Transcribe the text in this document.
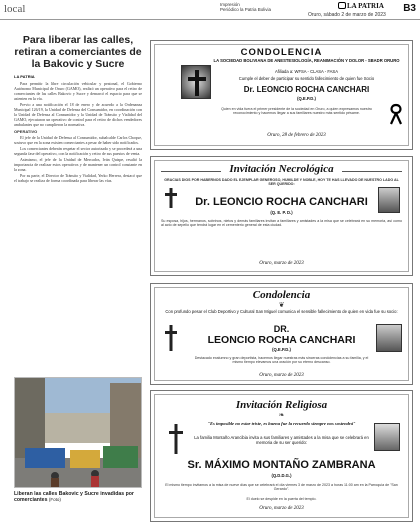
local	Impresión
Periódico la Patria Bolivia	LA PATRIA
Oruro, sábado 2 de marzo de 2023
B3
Para liberar las calles, retiran a comerciantes de la Bakovic y Sucre
LA PATRIA

Para permitir la libre circulación vehicular y peatonal, el Gobierno Autónomo Municipal de Oruro (GAMO), realizó un operativo para el retiro de comerciantes de las calles Bakovic y Sucre y demarcó el espacio para que se asienten en la vía.

Previo a una notificación el 18 de enero y de acuerdo a la Ordenanza Municipal 126/19, la Unidad de Defensa del Consumidor, en coordinación con la Unidad de Defensa al Consumidor y la Unidad de Tránsito y Vialidad del GAMO, ejecutaron un operativo de control para el retiro de dichos vendedores ambulantes que no cumplieron la normativa.

OPERATIVO

El jefe de la Unidad de Defensa al Consumidor, subalcalde Carlos Choque, sostuvo que en la zona existen comerciantes a pesar de haber sido notificados.

Los comerciantes deberán respetar el sector autorizado y se procederá a una segunda fase del operativo, con la notificación y retiro de sus puestos de venta.

Asimismo, el jefe de la Unidad de Mercados, Iván Quispe, resaltó la importancia de realizar estos operativos y de mantener un control constante en la zona.

Por su parte, el Director de Tránsito y Vialidad, Yerko Herrera, destacó que el trabajo se realiza de forma coordinada para liberar las vías.

Liberan las calles Bakovic y Sucre invadidas por comerciantes (Foto)
CONDOLENCIA
LA SOCIEDAD BOLIVIANA DE ANESTESIOLOGÍA, REANIMACIÓN Y DOLOR - SBADR ORURO
Afiliada a: WFSA - CLASA - FASA
Cumple el deber de participar su sentido fallecimiento de quien fue Socio
Dr. LEONCIO ROCHA CANCHARI
(Q.E.P.D.)
Quien en vida fuera el primer presidente de la sociedad en Oruro, a quien expresamos nuestro reconocimiento y hacemos llegar a sus familiares nuestro más sentido pésame.
Oruro, 28 de febrero de 2023
Invitación Necrológica
GRACIAS DIOS POR HABERNOS DADO EL EJEMPLAR GENEROSO, HUMILDE Y NOBLE, HOY TE HAS LLEVADO DE NUESTRO LADO AL SER QUERIDO:
Dr. LEONCIO ROCHA CANCHARI
(Q. E. P. D.)
Su esposa, hijos, hermanos, sobrinos, nietos y demás familiares invitan a familiares y amistades a la misa que se celebrará en su memoria, así como al acto de sepelio que tendrá lugar en el cementerio general de esta ciudad.
Oruro, marzo de 2023
Condolencia
❦
Con profundo pesar el Club Deportivo y Cultural San Miguel comunica el sensible fallecimiento de quien en vida fue su socio:
DR.
LEONCIO ROCHA CANCHARI
(Q.E.P.D.)
Destacado exalumno y gran deportista, hacemos llegar nuestras más sinceras condolencias a su familia, y el mismo tiempo elevamos una oración por su eterno descanso.
Oruro, marzo de 2023
Invitación Religiosa
❧
"Es imposible no estar triste, es buena fue la recuerdo siempre nos sostendrá"
La familia Montaño Arancibia invita a sus familiares y amistades a la misa que se celebrará en memoria de su ser querido:
Sr. MÁXIMO MONTAÑO ZAMBRANA
(Q.D.D.G.)
El mismo tiempo invitamos a la misa de nueve días que se celebrará el día viernes 3 de marzo de 2023 a horas 11:00 am en la Parroquia de "San Gerardo".
El duelo se despide en la puerta del templo.
Oruro, marzo de 2023
